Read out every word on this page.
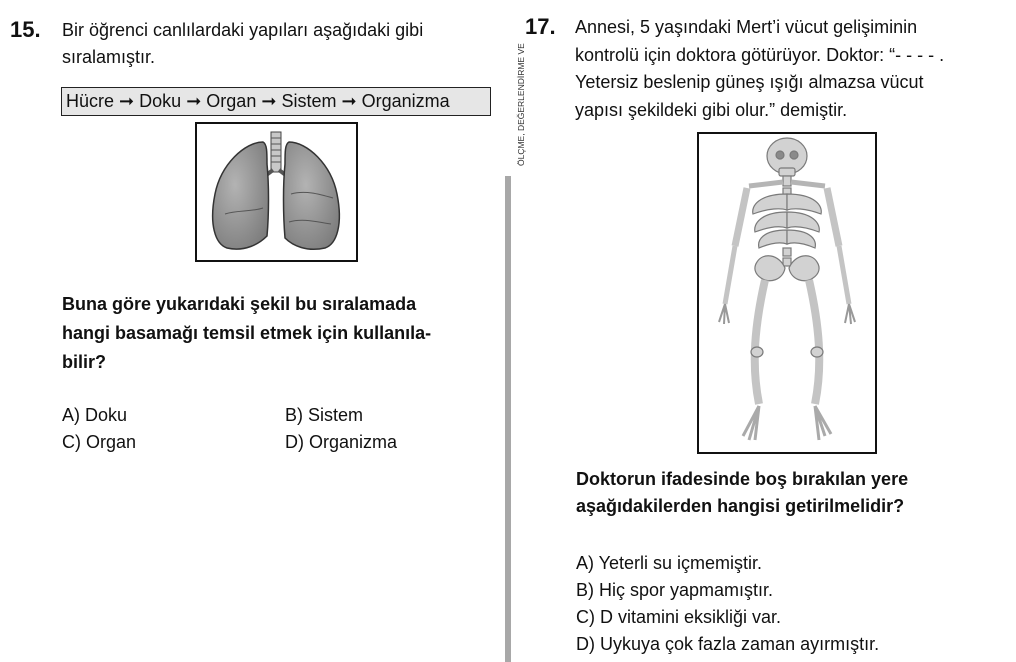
15. Bir öğrenci canlılardaki yapıları aşağıdaki gibi
sıralamıştır.
Hücre ➞ Doku ➞ Organ ➞ Sistem ➞ Organizma
Buna göre yukarıdaki şekil bu sıralamada
hangi basamağı temsil etmek için kullanıla-
bilir?
A) Doku	B) Sistem
C) Organ	D) Organizma
ÖLÇME, DEĞERLENDİRME VE
17. Annesi, 5 yaşındaki Mert’i vücut gelişiminin
kontrolü için doktora götürüyor. Doktor: “- - - - .
Yetersiz beslenip güneş ışığı almazsa vücut
yapısı şekildeki gibi olur.” demiştir.
Doktorun ifadesinde boş bırakılan yere
aşağıdakilerden hangisi getirilmelidir?
A) Yeterli su içmemiştir.
B) Hiç spor yapmamıştır.
C) D vitamini eksikliği var.
D) Uykuya çok fazla zaman ayırmıştır.
